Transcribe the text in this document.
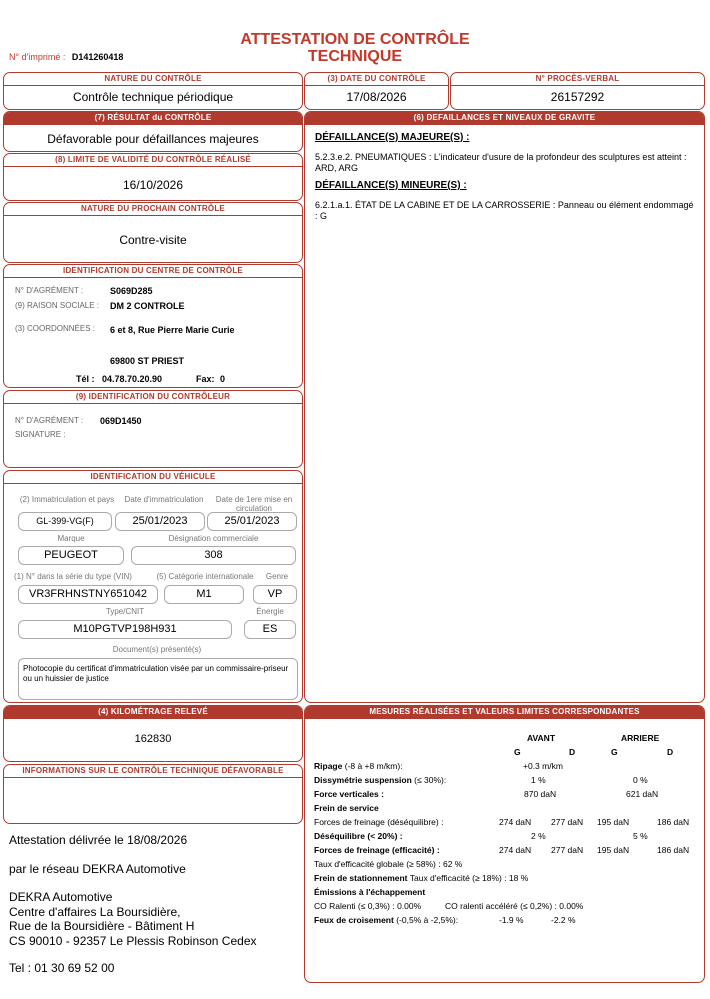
ATTESTATION DE CONTRÔLE TECHNIQUE
N° d'imprimé : D141260418
NATURE DU CONTRÔLE
Contrôle technique périodique
(3) DATE DU CONTRÔLE
17/08/2026
N° PROCÈS-VERBAL
26157292
(7) RÉSULTAT du CONTRÔLE
Défavorable pour défaillances majeures
(8) LIMITE DE VALIDITÉ DU CONTRÔLE RÉALISÉ
16/10/2026
NATURE DU PROCHAIN CONTRÔLE
Contre-visite
IDENTIFICATION DU CENTRE DE CONTRÔLE
N° D'AGRÉMENT :	S069D285
(9) RAISON SOCIALE : DM 2 CONTROLE
(3) COORDONNÉES : 6 et 8, Rue Pierre Marie Curie
69800 ST PRIEST
Tél : 04.78.70.20.90	Fax: 0
(9) IDENTIFICATION DU CONTRÔLEUR
N° D'AGRÉMENT : 069D1450
SIGNATURE :
IDENTIFICATION DU VÉHICULE
(2) Immatriculation et pays	Date d'immatriculation	Date de 1ere mise en circulation
GL-399-VG(F)	25/01/2023	25/01/2023
Marque	Désignation commerciale
PEUGEOT	308
(1) N° dans la série du type (VIN)	(5) Catégorie internationale	Genre
VR3FRHNSTNY651042	M1	VP
Type/CNIT	Énergie
M10PGTVP198H931	ES
Document(s) présenté(s)
Photocopie du certificat d'immatriculation visée par un commissaire-priseur ou un huissier de justice
(6) DEFAILLANCES ET NIVEAUX DE GRAVITE
DÉFAILLANCE(S) MAJEURE(S) :
5.2.3.e.2. PNEUMATIQUES : L'indicateur d'usure de la profondeur des sculptures est atteint : ARD, ARG
DÉFAILLANCE(S) MINEURE(S) :
6.2.1.a.1. ÉTAT DE LA CABINE ET DE LA CARROSSERIE : Panneau ou élément endommagé : G
(4) KILOMÉTRAGE RELEVÉ
162830
INFORMATIONS SUR LE CONTRÔLE TECHNIQUE DÉFAVORABLE
MESURES RÉALISÉES ET VALEURS LIMITES CORRESPONDANTES
AVANT	ARRIERE
G	D	G	D
Ripage (-8 à +8 m/km):	+0.3 m/km
Dissymétrie suspension (≤ 30%):	1 %	0 %
Force verticales :	870 daN	621 daN
Frein de service
Forces de freinage (déséquilibre) :	274 daN 277 daN 195 daN	186 daN
Déséquilibre (< 20%) :	2 %	5 %
Forces de freinage (efficacité) :	274 daN 277 daN 195 daN	186 daN
Taux d'efficacité globale (≥ 58%) : 62 %
Frein de stationnement Taux d'efficacité (≥ 18%) : 18 %
Émissions à l'échappement
CO Ralenti (≤ 0,3%) : 0.00%	CO ralenti accéléré (≤ 0,2%) : 0.00%
Feux de croisement (-0,5% à -2,5%):	-1.9 %	-2.2 %
Attestation délivrée le 18/08/2026
par le réseau DEKRA Automotive
DEKRA Automotive
Centre d'affaires La Boursidière,
Rue de la Boursidière - Bâtiment H
CS 90010 - 92357 Le Plessis Robinson Cedex
Tel : 01 30 69 52 00
